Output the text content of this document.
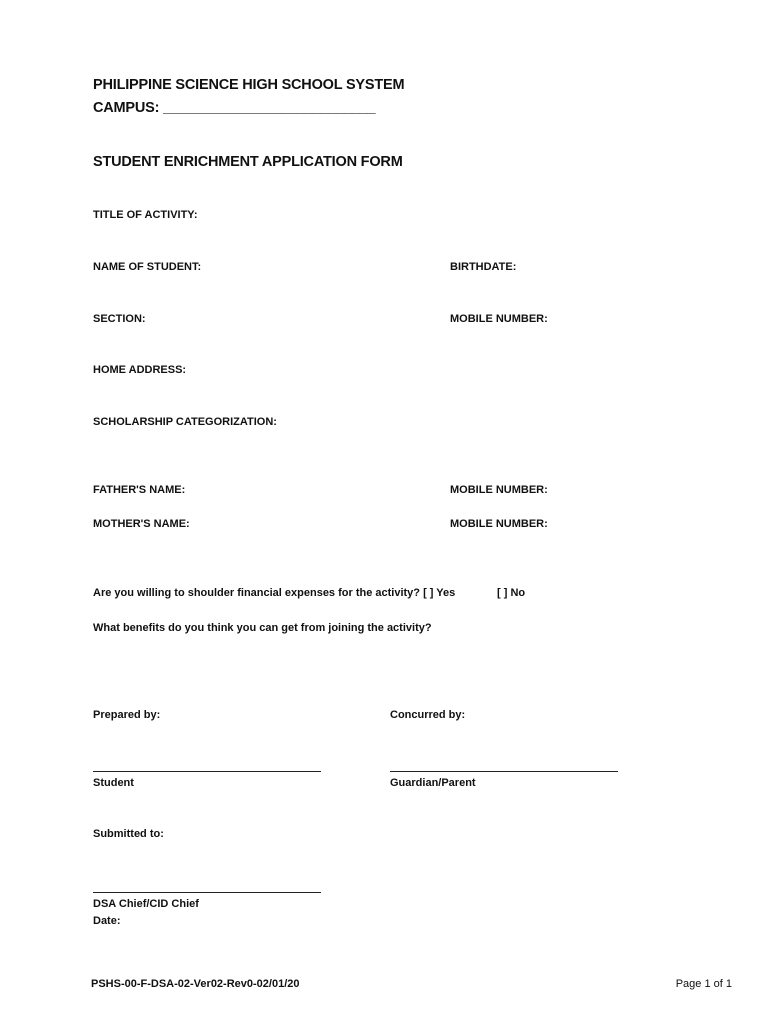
PHILIPPINE SCIENCE HIGH SCHOOL SYSTEM
CAMPUS: ___________________________
STUDENT ENRICHMENT APPLICATION FORM
TITLE OF ACTIVITY:
NAME OF STUDENT:	BIRTHDATE:
SECTION:	MOBILE NUMBER:
HOME ADDRESS:
SCHOLARSHIP CATEGORIZATION:
FATHER'S NAME:	MOBILE NUMBER:
MOTHER'S NAME:	MOBILE NUMBER:
Are you willing to shoulder financial expenses for the activity? [ ] Yes	[ ] No
What benefits do you think you can get from joining the activity?
Prepared by:	Concurred by:
Student	Guardian/Parent
Submitted to:
DSA Chief/CID Chief
Date:
PSHS-00-F-DSA-02-Ver02-Rev0-02/01/20	Page 1 of 1
